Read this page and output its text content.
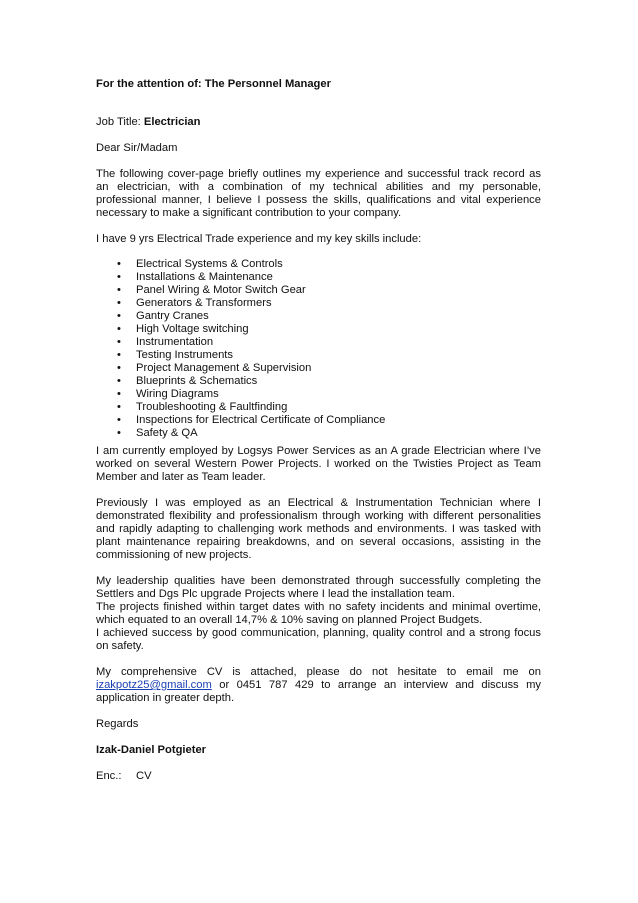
For the attention of: The Personnel Manager

Job Title: Electrician

Dear Sir/Madam

The following cover-page briefly outlines my experience and successful track record as an electrician, with a combination of my technical abilities and my personable, professional manner, I believe I possess the skills, qualifications and vital experience necessary to make a significant contribution to your company.

I have 9 yrs Electrical Trade experience and my key skills include:

• Electrical Systems & Controls
• Installations & Maintenance
• Panel Wiring & Motor Switch Gear
• Generators & Transformers
• Gantry Cranes
• High Voltage switching
• Instrumentation
• Testing Instruments
• Project Management & Supervision
• Blueprints & Schematics
• Wiring Diagrams
• Troubleshooting & Faultfinding
• Inspections for Electrical Certificate of Compliance
• Safety & QA

I am currently employed by Logsys Power Services as an A grade Electrician where I’ve worked on several Western Power Projects. I worked on the Twisties Project as Team Member and later as Team leader.

Previously I was employed as an Electrical & Instrumentation Technician where I demonstrated flexibility and professionalism through working with different personalities and rapidly adapting to challenging work methods and environments. I was tasked with plant maintenance repairing breakdowns, and on several occasions, assisting in the commissioning of new projects.

My leadership qualities have been demonstrated through successfully completing the Settlers and Dgs Plc upgrade Projects where I lead the installation team.

The projects finished within target dates with no safety incidents and minimal overtime, which equated to an overall 14,7% & 10% saving on planned Project Budgets.

I achieved success by good communication, planning, quality control and a strong focus on safety.

My comprehensive CV is attached, please do not hesitate to email me on izakpotz25@gmail.com or 0451 787 429 to arrange an interview and discuss my application in greater depth.

Regards

Izak-Daniel Potgieter

Enc.:	CV
